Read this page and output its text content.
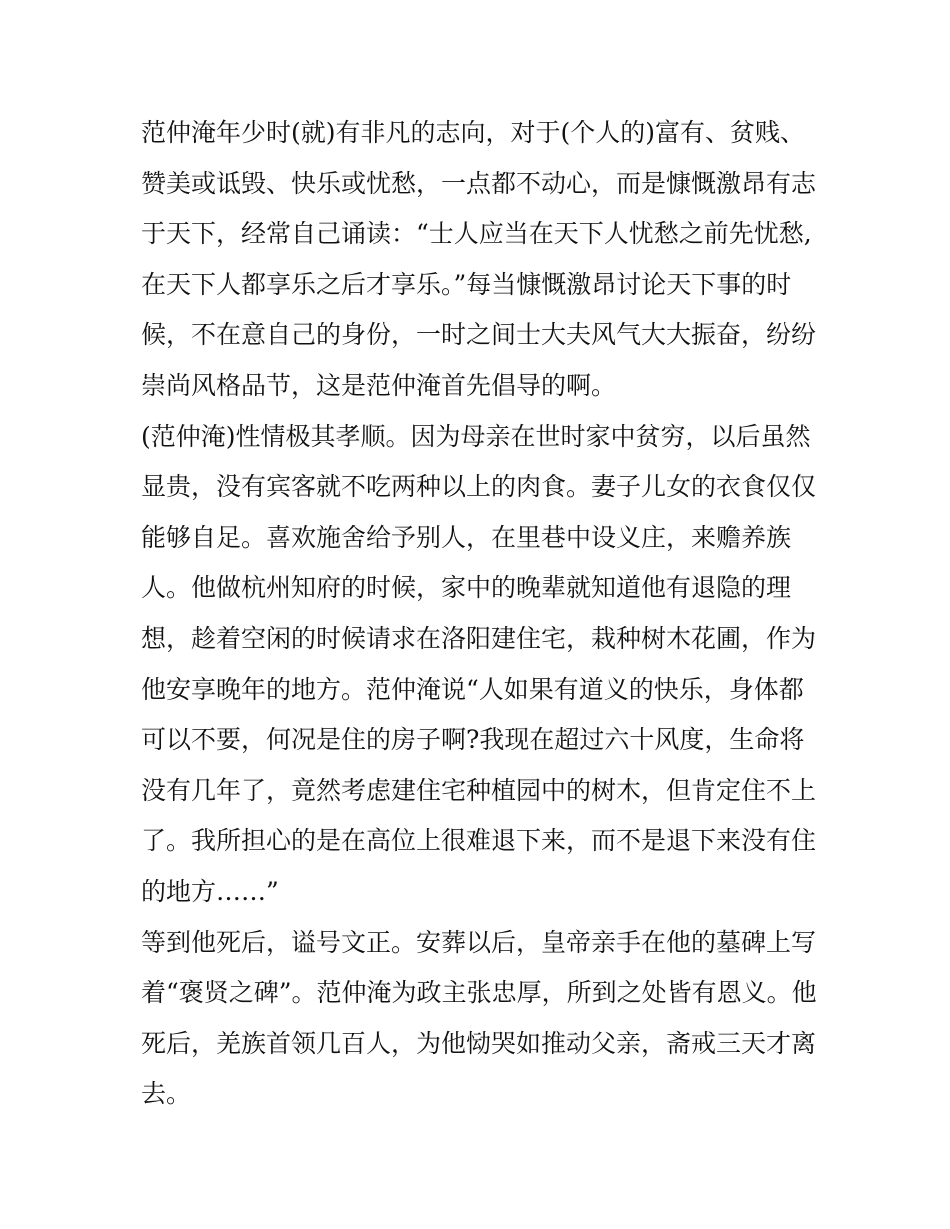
范仲淹年少时(就)有非凡的志向，对于(个人的)富有、贫贱、
赞美或诋毁、快乐或忧愁，一点都不动心，而是慷慨激昂有志
于天下，经常自己诵读：“士人应当在天下人忧愁之前先忧愁,
在天下人都享乐之后才享乐。”每当慷慨激昂讨论天下事的时
候，不在意自己的身份，一时之间士大夫风气大大振奋，纷纷
崇尚风格品节，这是范仲淹首先倡导的啊。
(范仲淹)性情极其孝顺。因为母亲在世时家中贫穷，以后虽然
显贵，没有宾客就不吃两种以上的肉食。妻子儿女的衣食仅仅
能够自足。喜欢施舍给予别人，在里巷中设义庄，来赡养族
人。他做杭州知府的时候，家中的晚辈就知道他有退隐的理
想，趁着空闲的时候请求在洛阳建住宅，栽种树木花圃，作为
他安享晚年的地方。范仲淹说“人如果有道义的快乐，身体都
可以不要，何况是住的房子啊?我现在超过六十风度，生命将
没有几年了，竟然考虑建住宅种植园中的树木，但肯定住不上
了。我所担心的是在高位上很难退下来，而不是退下来没有住
的地方……”
等到他死后，谥号文正。安葬以后，皇帝亲手在他的墓碑上写
着“褒贤之碑”。范仲淹为政主张忠厚，所到之处皆有恩义。他
死后，羌族首领几百人，为他恸哭如推动父亲，斋戒三天才离
去。
